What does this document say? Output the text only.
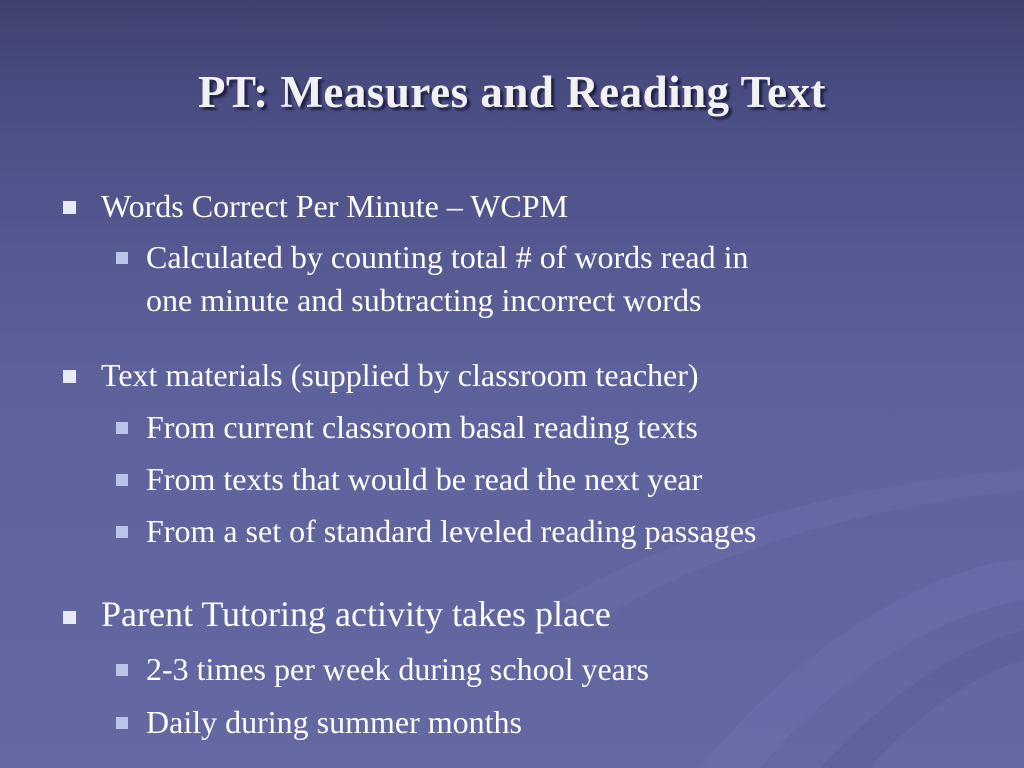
PT: Measures and Reading Text
Words Correct Per Minute – WCPM
Calculated by counting total # of words read in
one minute and subtracting incorrect words
Text materials (supplied by classroom teacher)
From current classroom basal reading texts
From texts that would be read the next year
From a set of standard leveled reading passages
Parent Tutoring activity takes place
2-3 times per week during school years
Daily during summer months
